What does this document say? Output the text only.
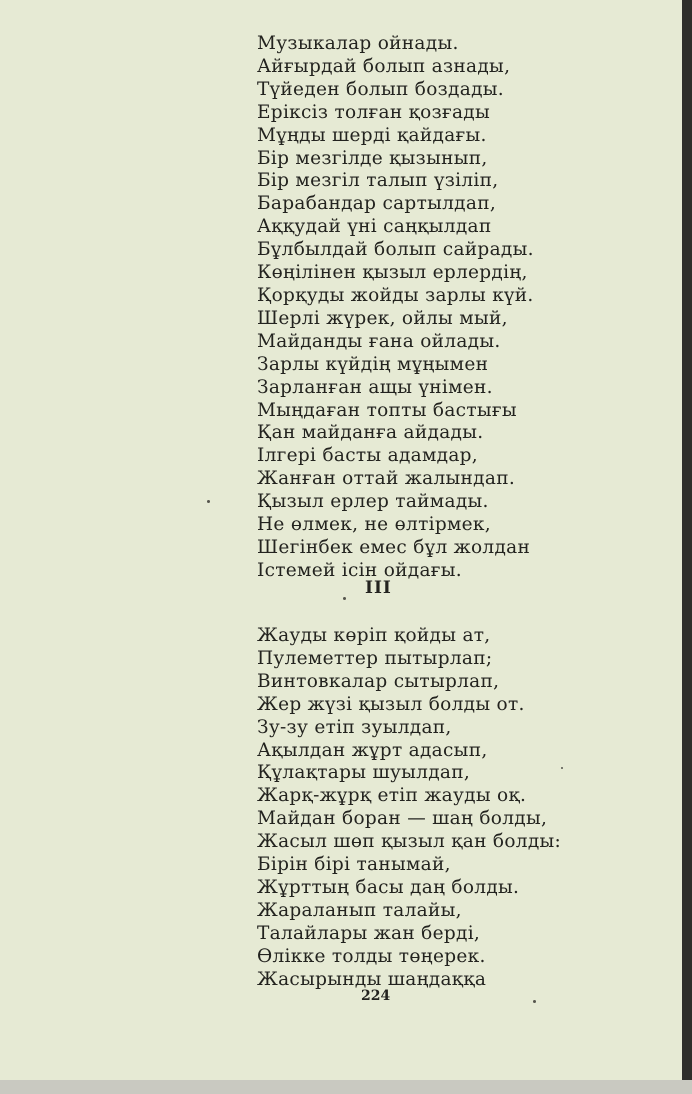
Музыкалар ойнады.
Айғырдай болып азнады,
Түйеден болып боздады.
Еріксіз толған қозғады
Мұңды шерді қайдағы.
Бір мезгілде қызынып,
Бір мезгіл талып үзіліп,
Барабандар сартылдап,
Аққудай үні саңқылдап
Бұлбылдай болып сайрады.
Көңілінен қызыл ерлердің,
Қорқуды жойды зарлы күй.
Шерлі жүрек, ойлы мый,
Майданды ғана ойлады.
Зарлы күйдің мұңымен
Зарланған ащы үнімен.
Мыңдаған топты бастығы
Қан майданға айдады.
Ілгері басты адамдар,
Жанған оттай жалындап.
Қызыл ерлер таймады.
Не өлмек, не өлтірмек,
Шегінбек емес бұл жолдан
Істемей ісін ойдағы.
III
Жауды көріп қойды ат,
Пулеметтер пытырлап;
Винтовкалар сытырлап,
Жер жүзі қызыл болды от.
Зу-зу етіп зуылдап,
Ақылдан жұрт адасып,
Құлақтары шуылдап,
Жарқ-жұрқ етіп жауды оқ.
Майдан боран — шаң болды,
Жасыл шөп қызыл қан болды:
Бірін бірі танымай,
Жұрттың басы даң болды.
Жараланып талайы,
Талайлары жан берді,
Өлікке толды төңерек.
Жасырынды шаңдаққа
224
